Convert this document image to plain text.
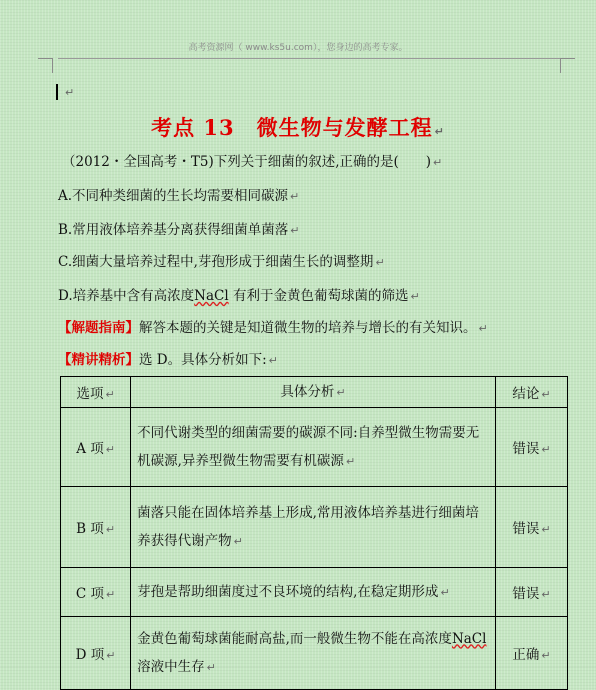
高考资源网（ www.ks5u.com），您身边的高考专家。
↵
考点 13　微生物与发酵工程 ↵
（2012・全国高考・T5)下列关于细菌的叙述,正确的是(　　) ↵
A.不同种类细菌的生长均需要相同碳源 ↵
B.常用液体培养基分离获得细菌单菌落 ↵
C.细菌大量培养过程中,芽孢形成于细菌生长的调整期 ↵
D.培养基中含有高浓度NaCl 有利于金黄色葡萄球菌的筛选 ↵
【解题指南】解答本题的关键是知道微生物的培养与增长的有关知识。 ↵
【精讲精析】选 D。具体分析如下: ↵
选项 ↵	具体分析 ↵	结论 ↵
A 项 ↵	不同代谢类型的细菌需要的碳源不同:自养型微生物需要无机碳源,异养型微生物需要有机碳源 ↵	错误 ↵
B 项 ↵	菌落只能在固体培养基上形成,常用液体培养基进行细菌培养获得代谢产物 ↵	错误 ↵
C 项 ↵	芽孢是帮助细菌度过不良环境的结构,在稳定期形成 ↵	错误 ↵
D 项 ↵	金黄色葡萄球菌能耐高盐,而一般微生物不能在高浓度NaCl 溶液中生存 ↵	正确 ↵
